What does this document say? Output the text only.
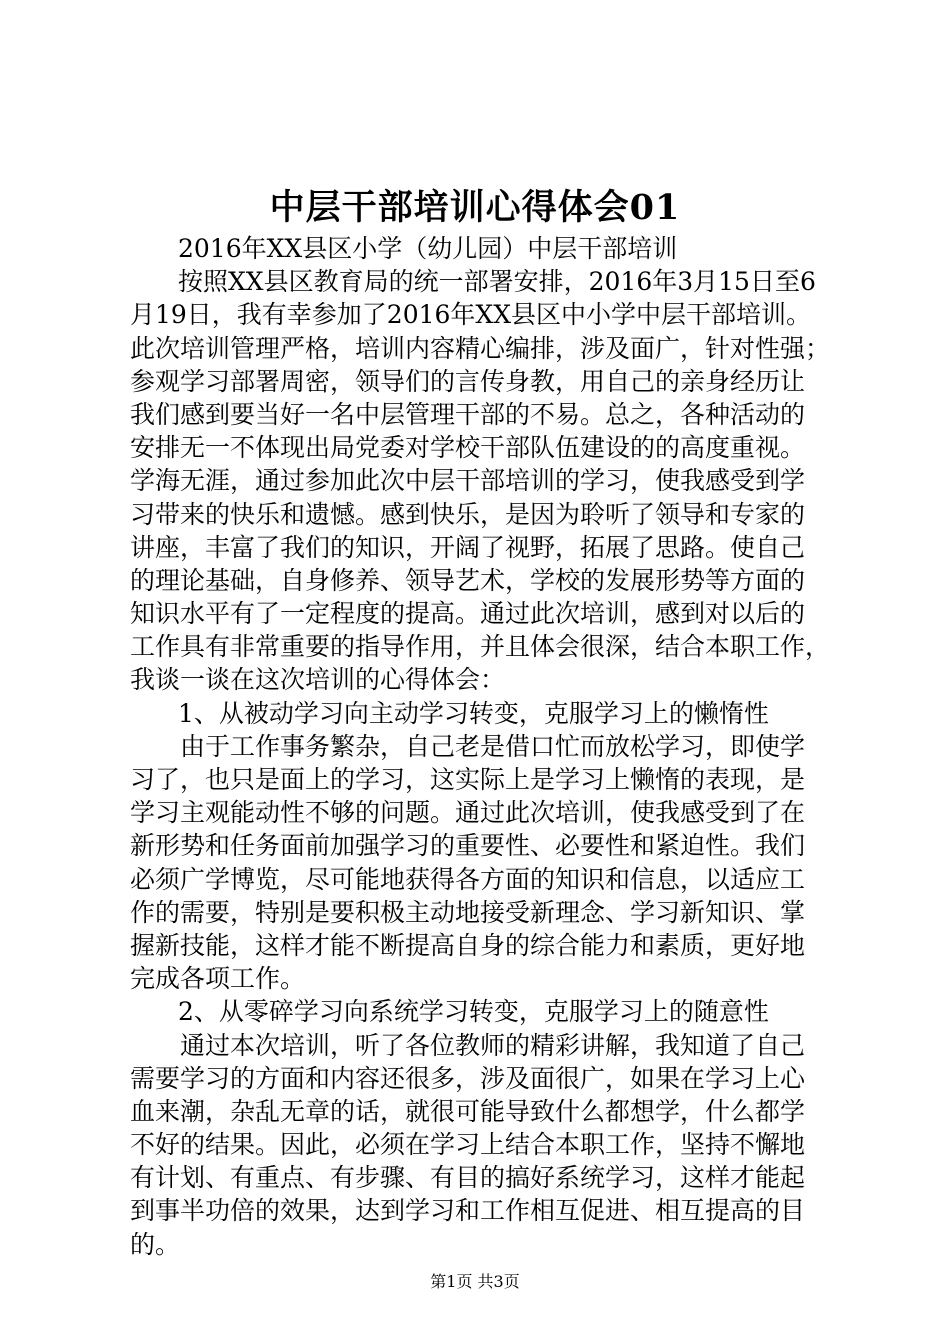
中层干部培训心得体会01
2016年XX县区小学（幼儿园）中层干部培训
按照XX县区教育局的统一部署安排，2016年3月15日至6
月19日，我有幸参加了2016年XX县区中小学中层干部培训。
此次培训管理严格，培训内容精心编排，涉及面广，针对性强；
参观学习部署周密，领导们的言传身教，用自己的亲身经历让
我们感到要当好一名中层管理干部的不易。总之，各种活动的
安排无一不体现出局党委对学校干部队伍建设的的高度重视。
学海无涯，通过参加此次中层干部培训的学习，使我感受到学
习带来的快乐和遗憾。感到快乐，是因为聆听了领导和专家的
讲座，丰富了我们的知识，开阔了视野，拓展了思路。使自己
的理论基础，自身修养、领导艺术，学校的发展形势等方面的
知识水平有了一定程度的提高。通过此次培训，感到对以后的
工作具有非常重要的指导作用，并且体会很深，结合本职工作，
我谈一谈在这次培训的心得体会：
1、从被动学习向主动学习转变，克服学习上的懒惰性
由于工作事务繁杂，自己老是借口忙而放松学习，即使学
习了，也只是面上的学习，这实际上是学习上懒惰的表现，是
学习主观能动性不够的问题。通过此次培训，使我感受到了在
新形势和任务面前加强学习的重要性、必要性和紧迫性。我们
必须广学博览，尽可能地获得各方面的知识和信息，以适应工
作的需要，特别是要积极主动地接受新理念、学习新知识、掌
握新技能，这样才能不断提高自身的综合能力和素质，更好地
完成各项工作。
2、从零碎学习向系统学习转变，克服学习上的随意性
通过本次培训，听了各位教师的精彩讲解，我知道了自己
需要学习的方面和内容还很多，涉及面很广，如果在学习上心
血来潮，杂乱无章的话，就很可能导致什么都想学，什么都学
不好的结果。因此，必须在学习上结合本职工作，坚持不懈地
有计划、有重点、有步骤、有目的搞好系统学习，这样才能起
到事半功倍的效果，达到学习和工作相互促进、相互提高的目
的。
第1页 共3页
